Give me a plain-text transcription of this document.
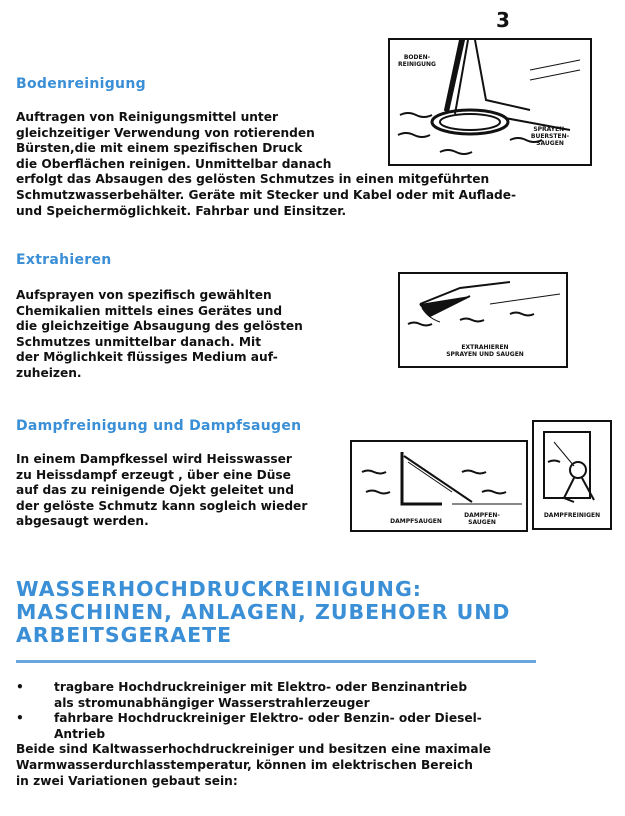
3
Bodenreinigung

Auftragen von Reinigungsmittel unter
gleichzeitiger Verwendung von rotierenden
Bürsten,die mit einem spezifischen Druck
die Oberflächen reinigen. Unmittelbar danach
erfolgt das Absaugen des gelösten Schmutzes in einen mitgeführten
Schmutzwasserbehälter. Geräte mit Stecker und Kabel oder mit Auflade-
und Speichermöglichkeit. Fahrbar und Einsitzer.

BODEN-
REINIGUNG
SPRAYEN-
BUERSTEN-
SAUGEN
Extrahieren

Aufsprayen von spezifisch gewählten
Chemikalien mittels eines Gerätes und
die gleichzeitige Absaugung des gelösten
Schmutzes unmittelbar danach. Mit
der Möglichkeit flüssiges Medium auf-
zuheizen.

EXTRAHIEREN
SPRAYEN UND SAUGEN
Dampfreinigung und Dampfsaugen

In einem Dampfkessel wird Heisswasser
zu Heissdampf erzeugt , über eine Düse
auf das zu reinigende Ojekt geleitet und
der gelöste Schmutz kann sogleich wieder
abgesaugt werden.	DAMPFSAUGEN
DAMPFEN-
SAUGEN
DAMPFREINIGEN
WASSERHOCHDRUCKREINIGUNG:
MASCHINEN, ANLAGEN, ZUBEHOER UND
ARBEITSGERAETE
• tragbare Hochdruckreiniger mit Elektro- oder Benzinantrieb
als stromunabhängiger Wasserstrahlerzeuger
• fahrbare Hochdruckreiniger Elektro- oder Benzin- oder Diesel-
Antrieb
Beide sind Kaltwasserhochdruckreiniger und besitzen eine maximale
Warmwasserdurchlasstemperatur, können im elektrischen Bereich
in zwei Variationen gebaut sein:
